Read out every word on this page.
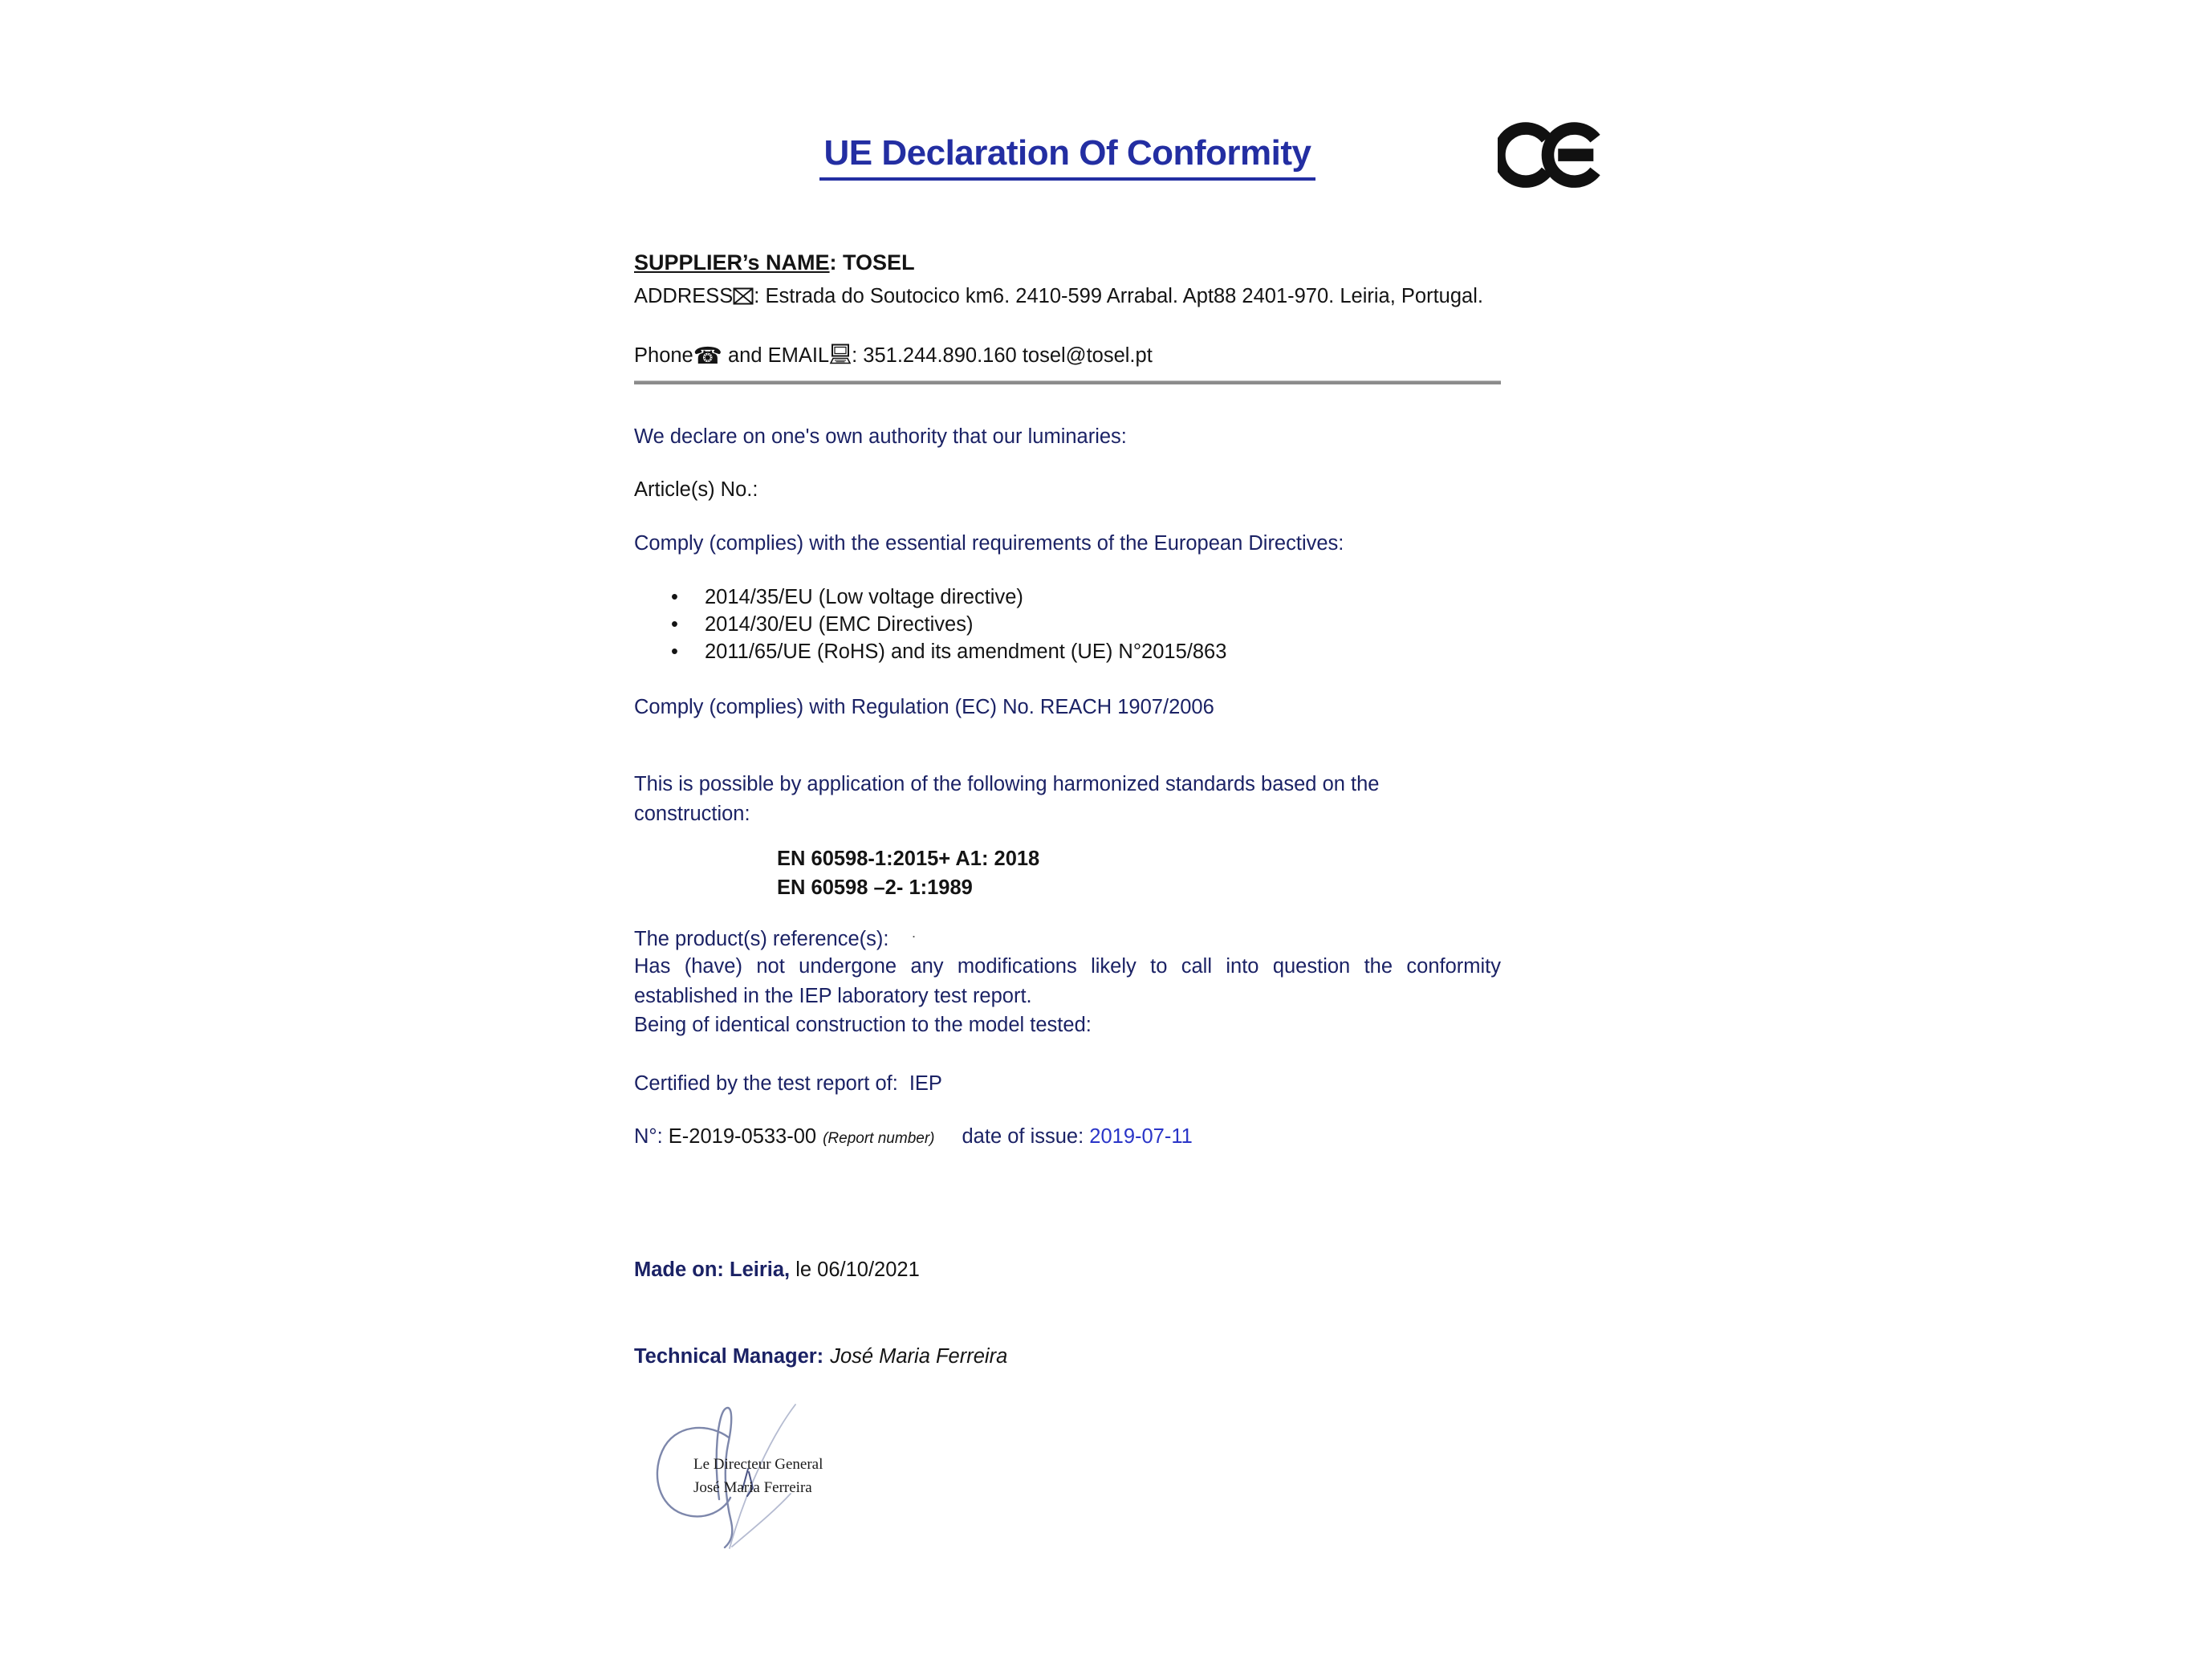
UE Declaration Of Conformity
SUPPLIER’s NAME: TOSEL
ADDRESS : Estrada do Soutocico km6. 2410-599 Arrabal. Apt88 2401-970. Leiria, Portugal.
Phone☎ and EMAIL : 351.244.890.160 tosel@tosel.pt
We declare on one's own authority that our luminaries:
Article(s) No.:
Comply (complies) with the essential requirements of the European Directives:
• 2014/35/EU (Low voltage directive)
• 2014/30/EU (EMC Directives)
• 2011/65/UE (RoHS) and its amendment (UE) N°2015/863
Comply (complies) with Regulation (EC) No. REACH 1907/2006
This is possible by application of the following harmonized standards based on the construction:
EN 60598-1:2015+ A1: 2018
EN 60598 –2- 1:1989
The product(s) reference(s): ·
Has (have) not undergone any modifications likely to call into question the conformity established in the IEP laboratory test report.
Being of identical construction to the model tested:
Certified by the test report of: IEP
N°: E-2019-0533-00 (Report number) date of issue: 2019-07-11
Made on: Leiria, le 06/10/2021
Technical Manager: José Maria Ferreira
Le Directeur General
José Maria Ferreira
